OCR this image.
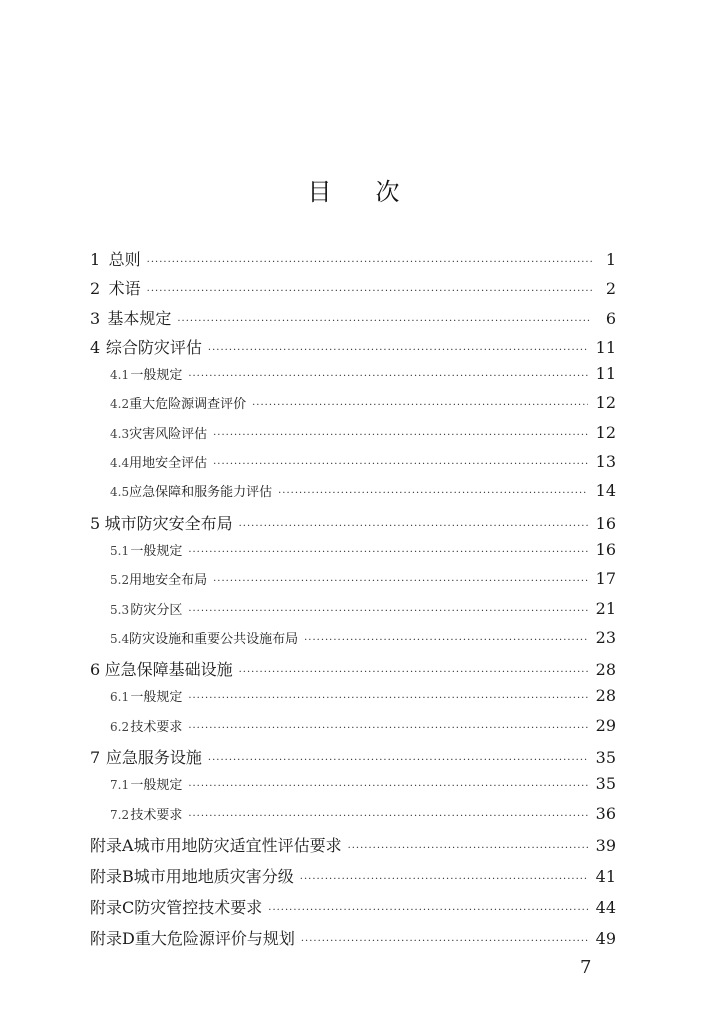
目 次
1 总则 ·····	1
2 术语 ·····	2
3 基本规定 ·····	6
4 综合防灾评估 ·····	11
4.1 一般规定 ·····	11
4.2 重大危险源调查评价 ·····	12
4.3 灾害风险评估 ·····	12
4.4 用地安全评估 ·····	13
4.5 应急保障和服务能力评估 ·····	14
5 城市防灾安全布局 ·····	16
5.1 一般规定 ·····	16
5.2 用地安全布局 ·····	17
5.3 防灾分区 ·····	21
5.4 防灾设施和重要公共设施布局 ·····	23
6 应急保障基础设施 ·····	28
6.1 一般规定 ·····	28
6.2 技术要求 ·····	29
7 应急服务设施 ·····	35
7.1 一般规定 ·····	35
7.2 技术要求 ·····	36
附录A 城市用地防灾适宜性评估要求 ·····	39
附录B 城市用地地质灾害分级 ·····	41
附录C 防灾管控技术要求 ·····	44
附录D 重大危险源评价与规划 ·····	49
7
